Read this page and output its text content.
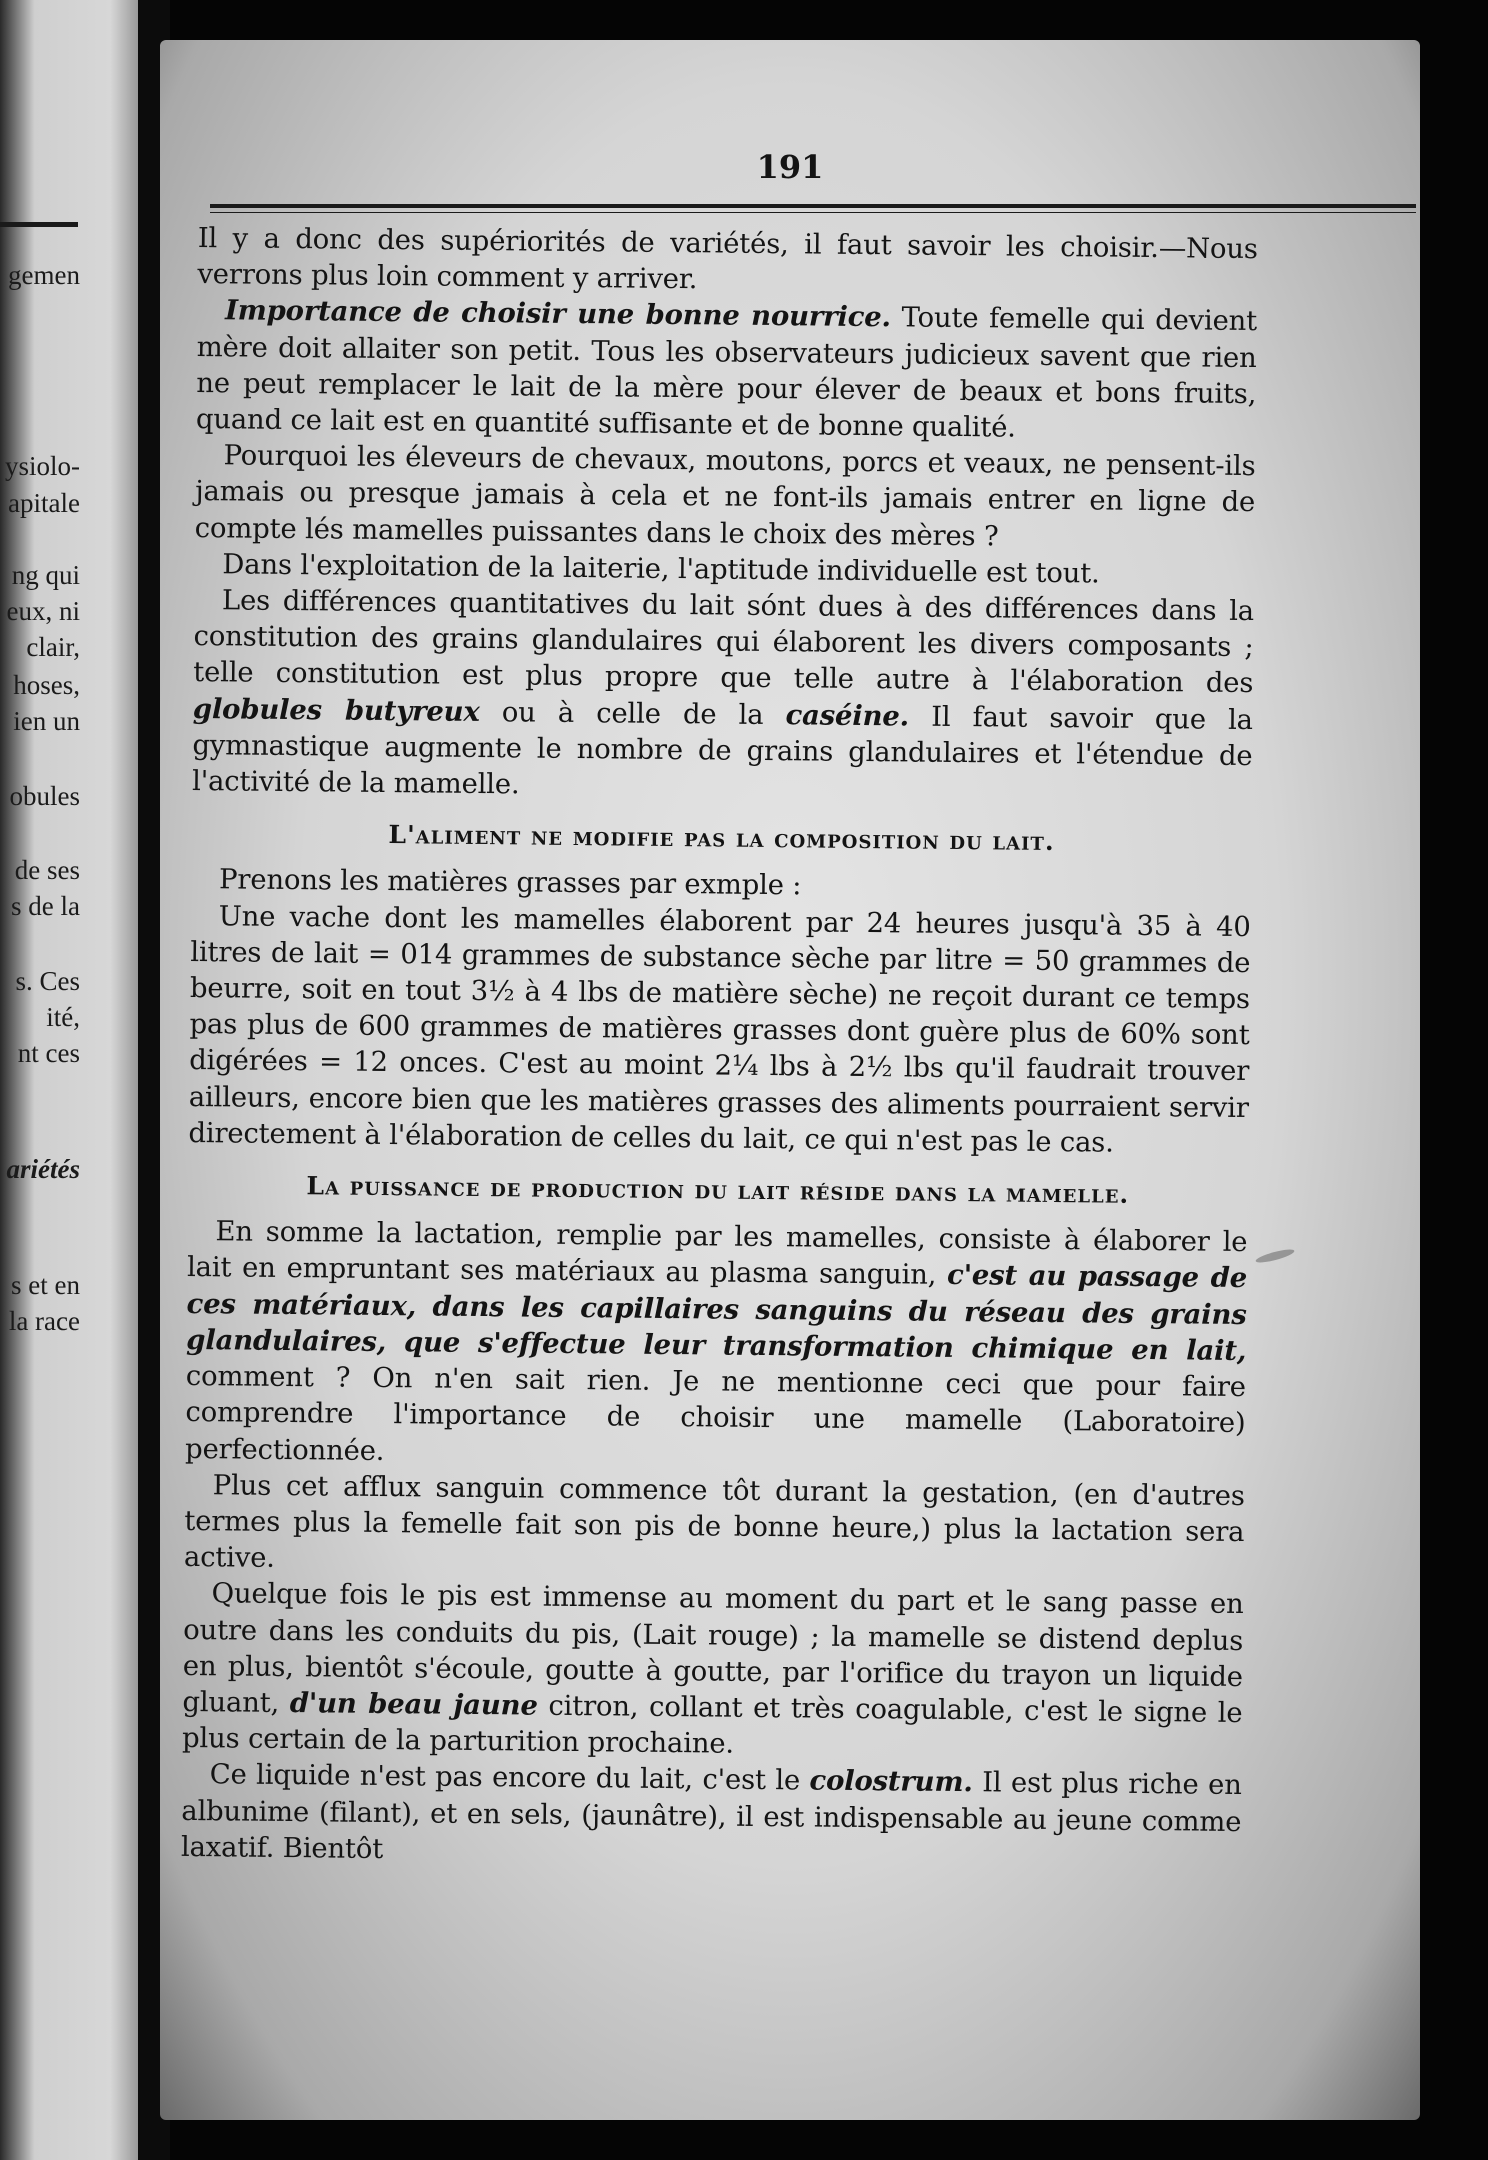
gemen
ysiolo-
apitale
ng qui
eux, ni
clair,
hoses,
ien un
obules
de ses
s de la
s. Ces
ité,
nt ces
ariétés
s et en
la race
191

Il y a donc des supériorités de variétés, il faut savoir les choisir.—Nous verrons plus loin comment y arriver.

Importance de choisir une bonne nourrice. Toute femelle qui devient mère doit allaiter son petit. Tous les observateurs judicieux savent que rien ne peut remplacer le lait de la mère pour élever de beaux et bons fruits, quand ce lait est en quantité suffisante et de bonne qualité.

Pourquoi les éleveurs de chevaux, moutons, porcs et veaux, ne pensent-ils jamais ou presque jamais à cela et ne font-ils jamais entrer en ligne de compte lés mamelles puissantes dans le choix des mères ?

Dans l'exploitation de la laiterie, l'aptitude individuelle est tout.

Les différences quantitatives du lait sónt dues à des différences dans la constitution des grains glandulaires qui élaborent les divers composants ; telle constitution est plus propre que telle autre à l'élaboration des globules butyreux ou à celle de la caséine. Il faut savoir que la gymnastique augmente le nombre de grains glandulaires et l'étendue de l'activité de la mamelle.

L'aliment ne modifie pas la composition du lait.

Prenons les matières grasses par exmple :

Une vache dont les mamelles élaborent par 24 heures jusqu'à 35 à 40 litres de lait = 014 grammes de substance sèche par litre = 50 grammes de beurre, soit en tout 3½ à 4 lbs de matière sèche) ne reçoit durant ce temps pas plus de 600 grammes de matières grasses dont guère plus de 60% sont digérées = 12 onces. C'est au moint 2¼ lbs à 2½ lbs qu'il faudrait trouver ailleurs, encore bien que les matières grasses des aliments pourraient servir directement à l'élaboration de celles du lait, ce qui n'est pas le cas.

La puissance de production du lait réside dans la mamelle.

En somme la lactation, remplie par les mamelles, consiste à élaborer le lait en empruntant ses matériaux au plasma sanguin, c'est au passage de ces matériaux, dans les capillaires sanguins du réseau des grains glandulaires, que s'effectue leur transformation chimique en lait, comment ? On n'en sait rien. Je ne mentionne ceci que pour faire comprendre l'importance de choisir une mamelle (Laboratoire) perfectionnée.

Plus cet afflux sanguin commence tôt durant la gestation, (en d'autres termes plus la femelle fait son pis de bonne heure,) plus la lactation sera active.

Quelque fois le pis est immense au moment du part et le sang passe en outre dans les conduits du pis, (Lait rouge) ; la mamelle se distend deplus en plus, bientôt s'écoule, goutte à goutte, par l'orifice du trayon un liquide gluant, d'un beau jaune citron, collant et très coagulable, c'est le signe le plus certain de la parturition prochaine.

Ce liquide n'est pas encore du lait, c'est le colostrum. Il est plus riche en albunime (filant), et en sels, (jaunâtre), il est indispensable au jeune comme laxatif. Bientôt
